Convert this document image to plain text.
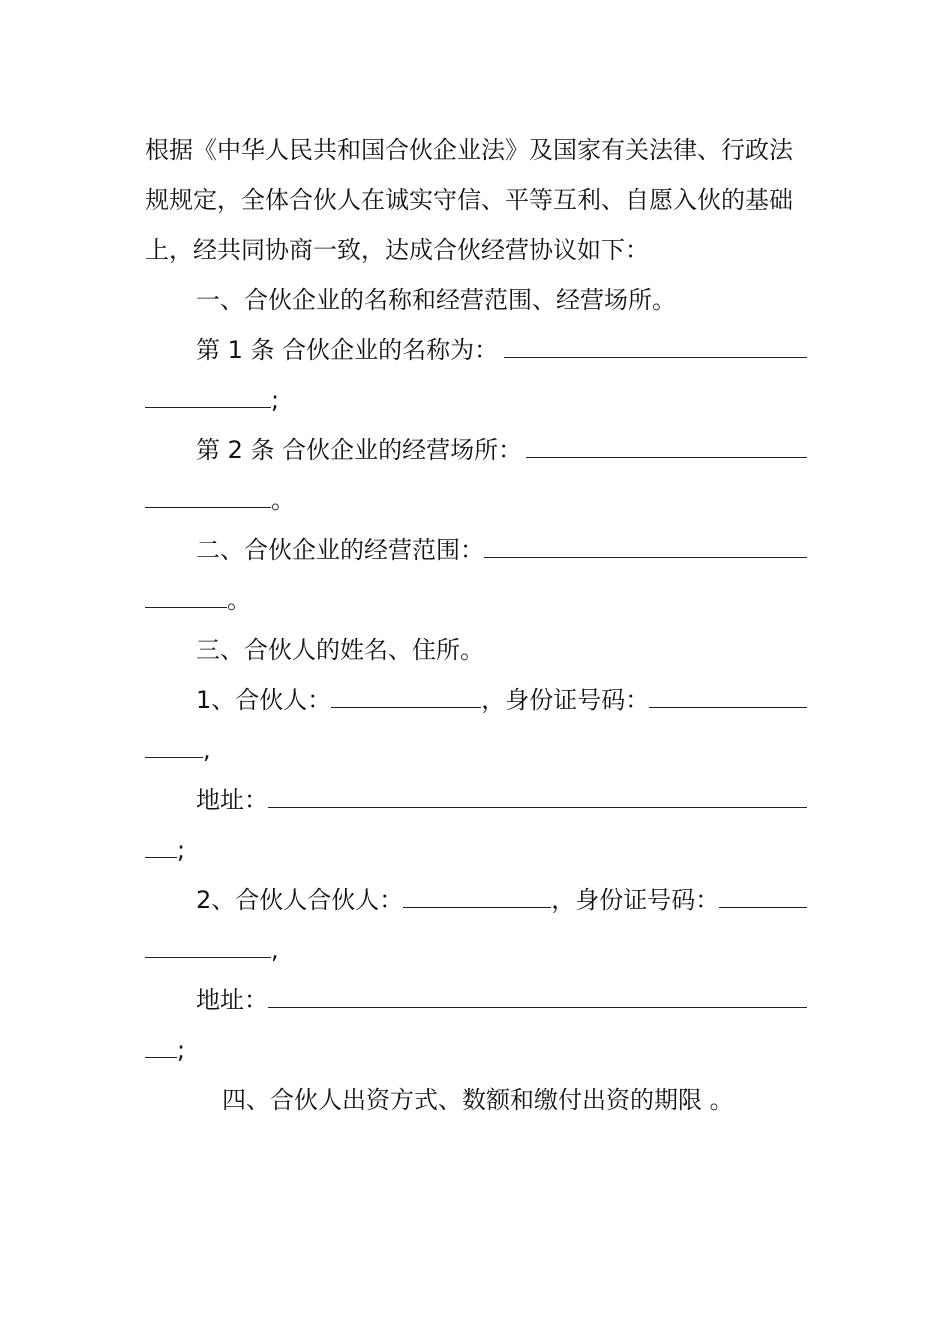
根据《中华人民共和国合伙企业法》及国家有关法律、行政法
规规定，全体合伙人在诚实守信、平等互利、自愿入伙的基础
上，经共同协商一致，达成合伙经营协议如下：
一、合伙企业的名称和经营范围、经营场所。
第 1 条 合伙企业的名称为：
;
第 2 条 合伙企业的经营场所：
。
二、合伙企业的经营范围：
。
三、合伙人的姓名、住所。
1、合伙人：	，身份证号码：
,
地址：
;
2、合伙人合伙人：	，身份证号码：
,
地址：
;
四、合伙人出资方式、数额和缴付出资的期限 。
